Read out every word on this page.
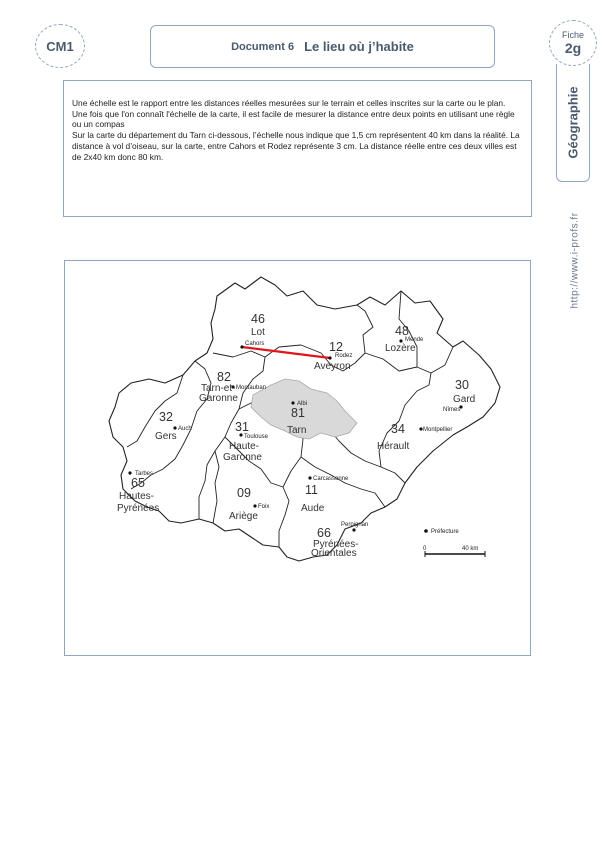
CM1	Document 6 Le lieu où j’habite
Fiche
2g
Géographie
http://www.i-profs.fr

Une échelle est le rapport entre les distances réelles mesurées sur le terrain et celles inscrites sur la carte ou le plan.

Une fois que l'on connaît l'échelle de la carte, il est facile de mesurer la distance entre deux points en utilisant une règle ou un compas

Sur la carte du département du Tarn ci-dessous, l’échelle nous indique que 1,5 cm représentent 40 km dans la réalité. La distance à vol d’oiseau, sur la carte, entre Cahors et Rodez représente 3 cm. La distance réelle entre ces deux villes est de 2x40 km donc 80 km.

46
Lot
Cahors	12
Aveyron
Rodez
48
Lozère
Mende
82
Tarn-et-
Garonne
Montauban
81
Tarn
Albi
30
Gard
Nîmes
32
Gers
Auch	31
Haute-
Garonne
Toulouse
34
Hérault
Montpellier
65
Hautes-
Pyrénées
Tarbes
09
Ariège
Foix
11
Aude
Carcassonne
66
Pyrénées-
Orientales
Perpignan
Préfecture
0	40 km
